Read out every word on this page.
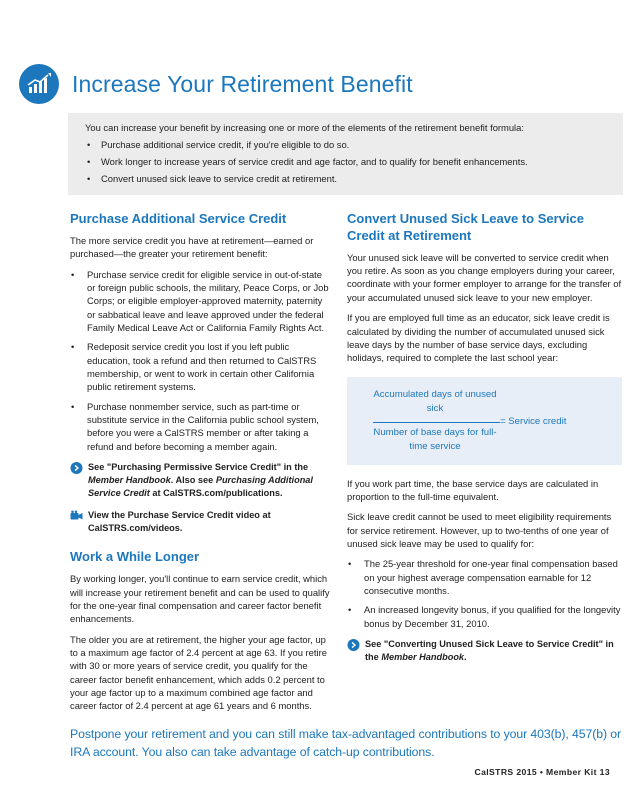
Increase Your Retirement Benefit
You can increase your benefit by increasing one or more of the elements of the retirement benefit formula:
• Purchase additional service credit, if you're eligible to do so.
• Work longer to increase years of service credit and age factor, and to qualify for benefit enhancements.
• Convert unused sick leave to service credit at retirement.
Purchase Additional Service Credit

The more service credit you have at retirement—earned or purchased—the greater your retirement benefit:

• Purchase service credit for eligible service in out-of-state or foreign public schools, the military, Peace Corps, or Job Corps; or eligible employer-approved maternity, paternity or sabbatical leave and leave approved under the federal Family Medical Leave Act or California Family Rights Act.
• Redeposit service credit you lost if you left public education, took a refund and then returned to CalSTRS membership, or went to work in certain other California public retirement systems.
• Purchase nonmember service, such as part-time or substitute service in the California public school system, before you were a CalSTRS member or after taking a refund and before becoming a member again.
See "Purchasing Permissive Service Credit" in the Member Handbook. Also see Purchasing Additional Service Credit at CalSTRS.com/publications.
View the Purchase Service Credit video at CalSTRS.com/videos.
Work a While Longer

By working longer, you'll continue to earn service credit, which will increase your retirement benefit and can be used to qualify for the one-year final compensation and career factor benefit enhancements.

The older you are at retirement, the higher your age factor, up to a maximum age factor of 2.4 percent at age 63. If you retire with 30 or more years of service credit, you qualify for the career factor benefit enhancement, which adds 0.2 percent to your age factor up to a maximum combined age factor and career factor of 2.4 percent at age 61 years and 6 months.

Convert Unused Sick Leave to Service Credit at Retirement

Your unused sick leave will be converted to service credit when you retire. As soon as you change employers during your career, coordinate with your former employer to arrange for the transfer of your accumulated unused sick leave to your new employer.

If you are employed full time as an educator, sick leave credit is calculated by dividing the number of accumulated unused sick leave days by the number of base service days, excluding holidays, required to complete the last school year:

Accumulated days of unused sick
Number of base days for full-time service
= Service credit

If you work part time, the base service days are calculated in proportion to the full-time equivalent.

Sick leave credit cannot be used to meet eligibility requirements for service retirement. However, up to two-tenths of one year of unused sick leave may be used to qualify for:

• The 25-year threshold for one-year final compensation based on your highest average compensation earnable for 12 consecutive months.
• An increased longevity bonus, if you qualified for the longevity bonus by December 31, 2010.
See "Converting Unused Sick Leave to Service Credit" in the Member Handbook.
Postpone your retirement and you can still make tax-advantaged contributions to your 403(b), 457(b) or IRA account. You also can take advantage of catch-up contributions.
CalSTRS 2015 • Member Kit 13
